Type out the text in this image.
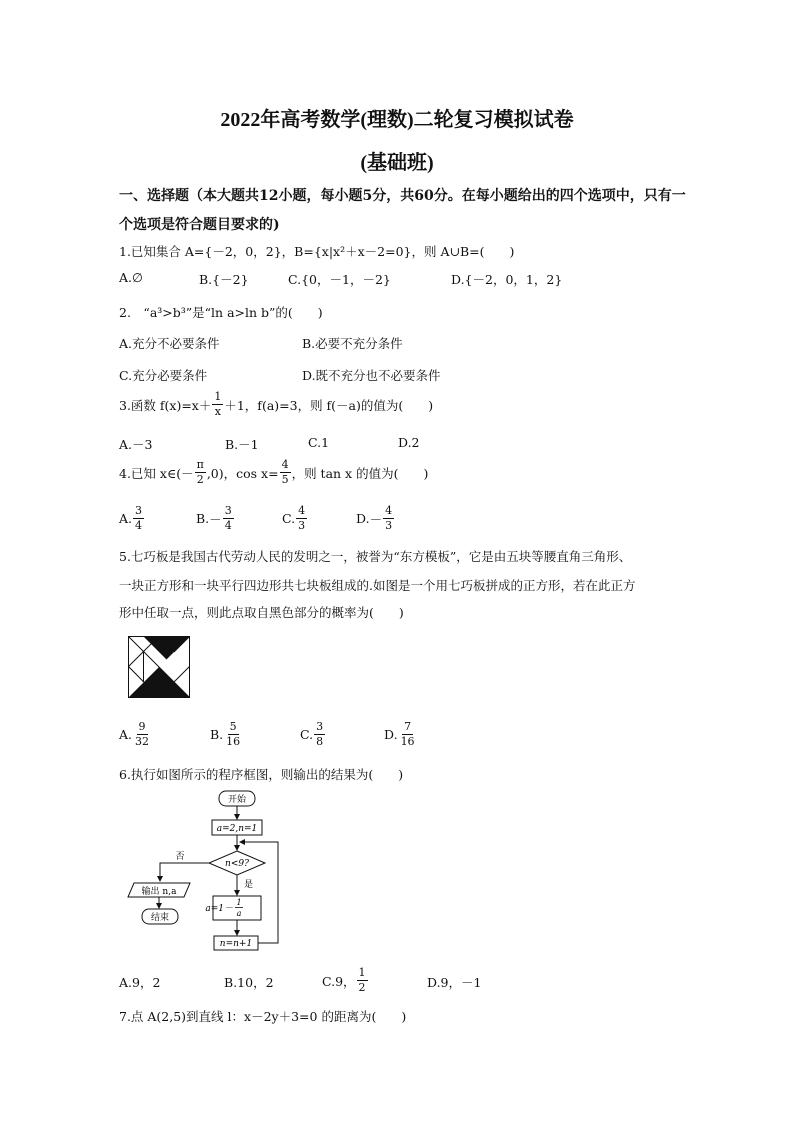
2022年高考数学(理数)二轮复习模拟试卷
(基础班)
一、选择题（本大题共12小题，每小题5分，共60分。在每小题给出的四个选项中，只有一
个选项是符合题目要求的)
1.已知集合 A={－2，0，2}，B={x|x²＋x－2=0}，则 A∪B=(　　)
A.∅	B.{－2}	C.{0，－1，－2}	D.{－2，0，1，2}
2.　“a³>b³”是“ln a>ln b”的(　　)
A.充分不必要条件	B.必要不充分条件
C.充分必要条件	D.既不充分也不必要条件
3.函数 $f(x)=x+ \frac{1}{x} +1$，f(a)=3，则 f(－a)的值为(　　)
A.－3	B.－1	C.1	D.2
4.已知 x∈(－ $\frac{\pi}{2} ,0$)，$\cos x= \frac{4}{5}$ ，则 tan x 的值为(　　)
A. $\frac{3}{4}$	B. － $\frac{3}{4}$	C. $\frac{4}{3}$	D. － $\frac{4}{3}$
5.七巧板是我国古代劳动人民的发明之一，被誉为“东方模板”，它是由五块等腰直角三角形、
一块正方形和一块平行四边形共七块板组成的.如图是一个用七巧板拼成的正方形，若在此正方
形中任取一点，则此点取自黑色部分的概率为(　　)
A. $\frac{9}{32}$	B. $\frac{5}{16}$	C. $\frac{3}{8}$	D. $\frac{7}{16}$
6.执行如图所示的程序框图，则输出的结果为(　　)
开始
a=2,n=1
n<9?
否
输出 n,a
结束
是
a=1－
1
a
n=n+1
A.9，2	B.10，2	C.9， $\frac{1}{2}$	D.9，－1
7.点 A(2,5)到直线 l：x－2y＋3=0 的距离为(　　)
